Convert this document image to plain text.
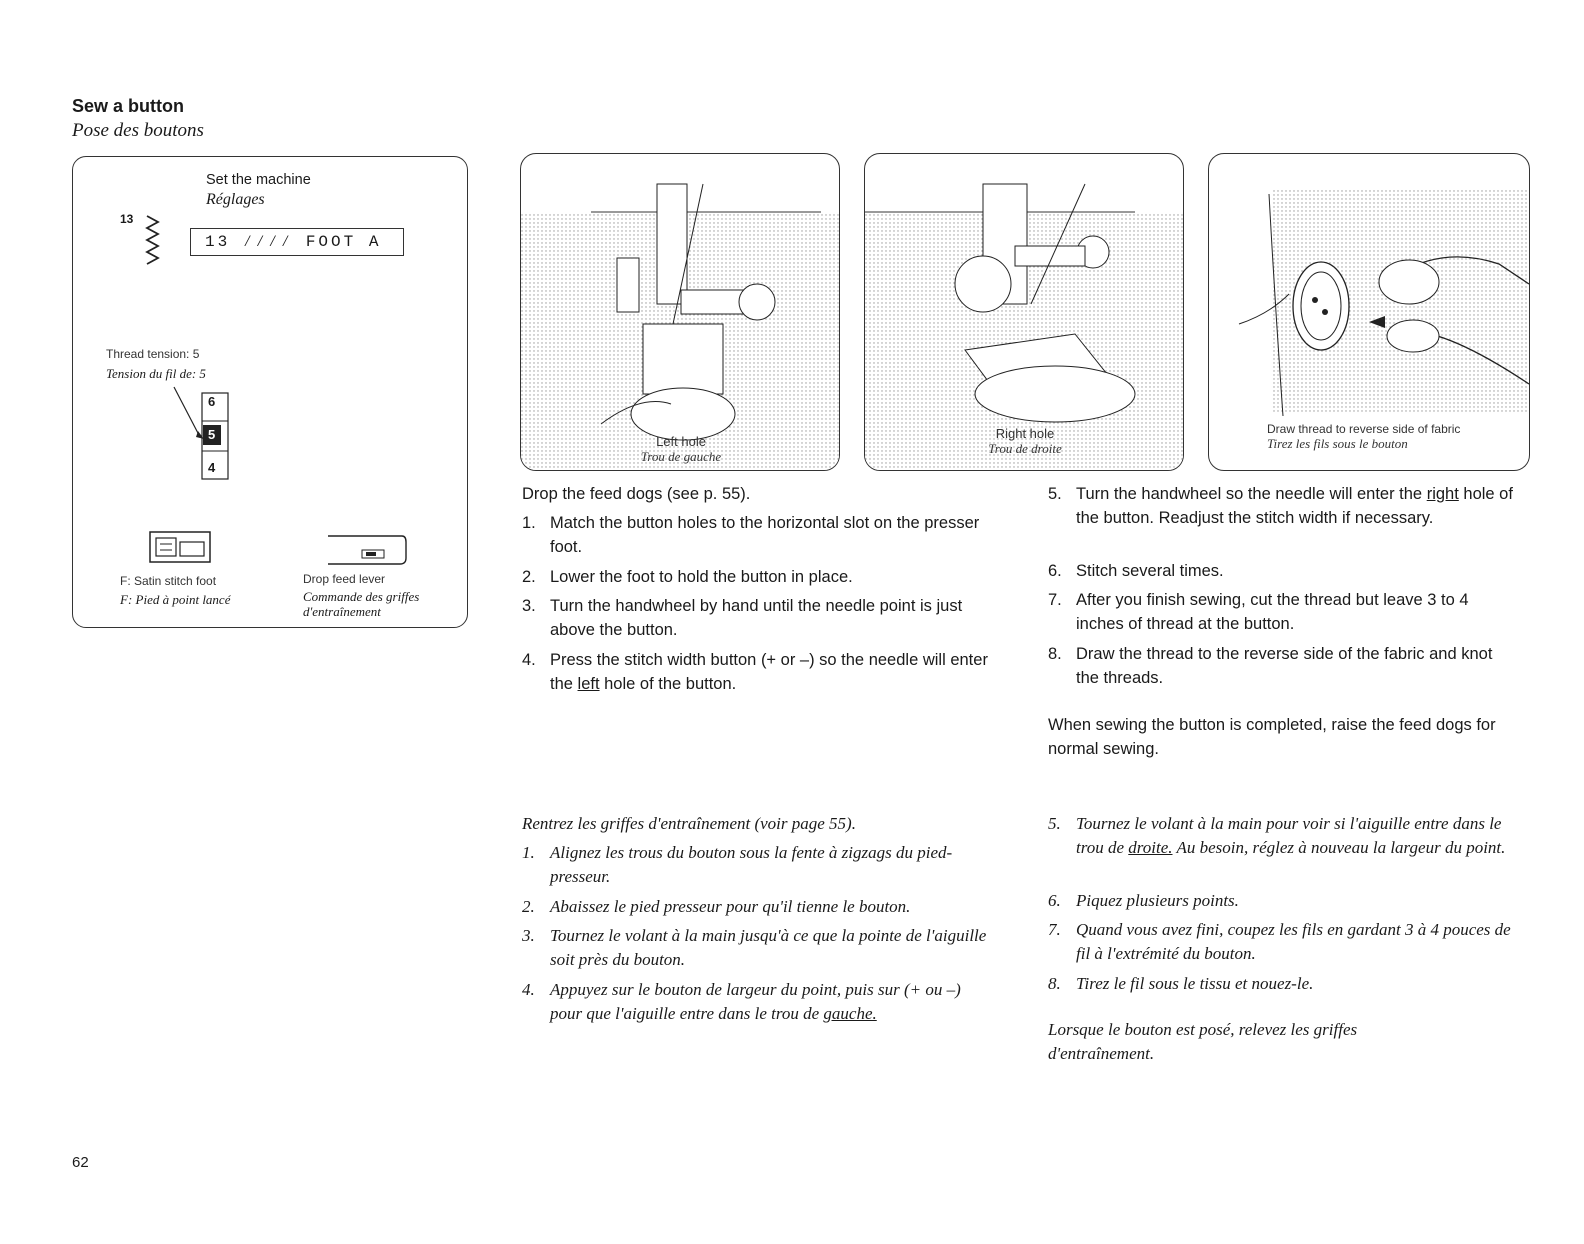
Sew a button
Pose des boutons
Set the machine
Réglages
13
13 ⁄⁄⁄⁄ FOOT A
Thread tension: 5
Tension du fil de: 5
6
5
4
F: Satin stitch foot
F: Pied à point lancé
Drop feed lever
Commande des griffes d'entraînement
Left hole
Trou de gauche
Right hole
Trou de droite
Draw thread to reverse side of fabric
Tirez les fils sous le bouton
Drop the feed dogs (see p. 55).
1. Match the button holes to the horizontal slot on the presser foot.
2. Lower the foot to hold the button in place.
3. Turn the handwheel by hand until the needle point is just above the button.
4. Press the stitch width button (+ or –) so the needle will enter the left hole of the button.
5. Turn the handwheel so the needle will enter the right hole of the button. Readjust the stitch width if necessary.
6. Stitch several times.
7. After you finish sewing, cut the thread but leave 3 to 4 inches of thread at the button.
8. Draw the thread to the reverse side of the fabric and knot the threads.
When sewing the button is completed, raise the feed dogs for normal sewing.
Rentrez les griffes d'entraînement (voir page 55).
1. Alignez les trous du bouton sous la fente à zigzags du pied-presseur.
2. Abaissez le pied presseur pour qu'il tienne le bouton.
3. Tournez le volant à la main jusqu'à ce que la pointe de l'aiguille soit près du bouton.
4. Appuyez sur le bouton de largeur du point, puis sur (+ ou –) pour que l'aiguille entre dans le trou de gauche.
5. Tournez le volant à la main pour voir si l'aiguille entre dans le trou de droite. Au besoin, réglez à nouveau la largeur du point.
6. Piquez plusieurs points.
7. Quand vous avez fini, coupez les fils en gardant 3 à 4 pouces de fil à l'extrémité du bouton.
8. Tirez le fil sous le tissu et nouez-le.
Lorsque le bouton est posé, relevez les griffes d'entraînement.
62
